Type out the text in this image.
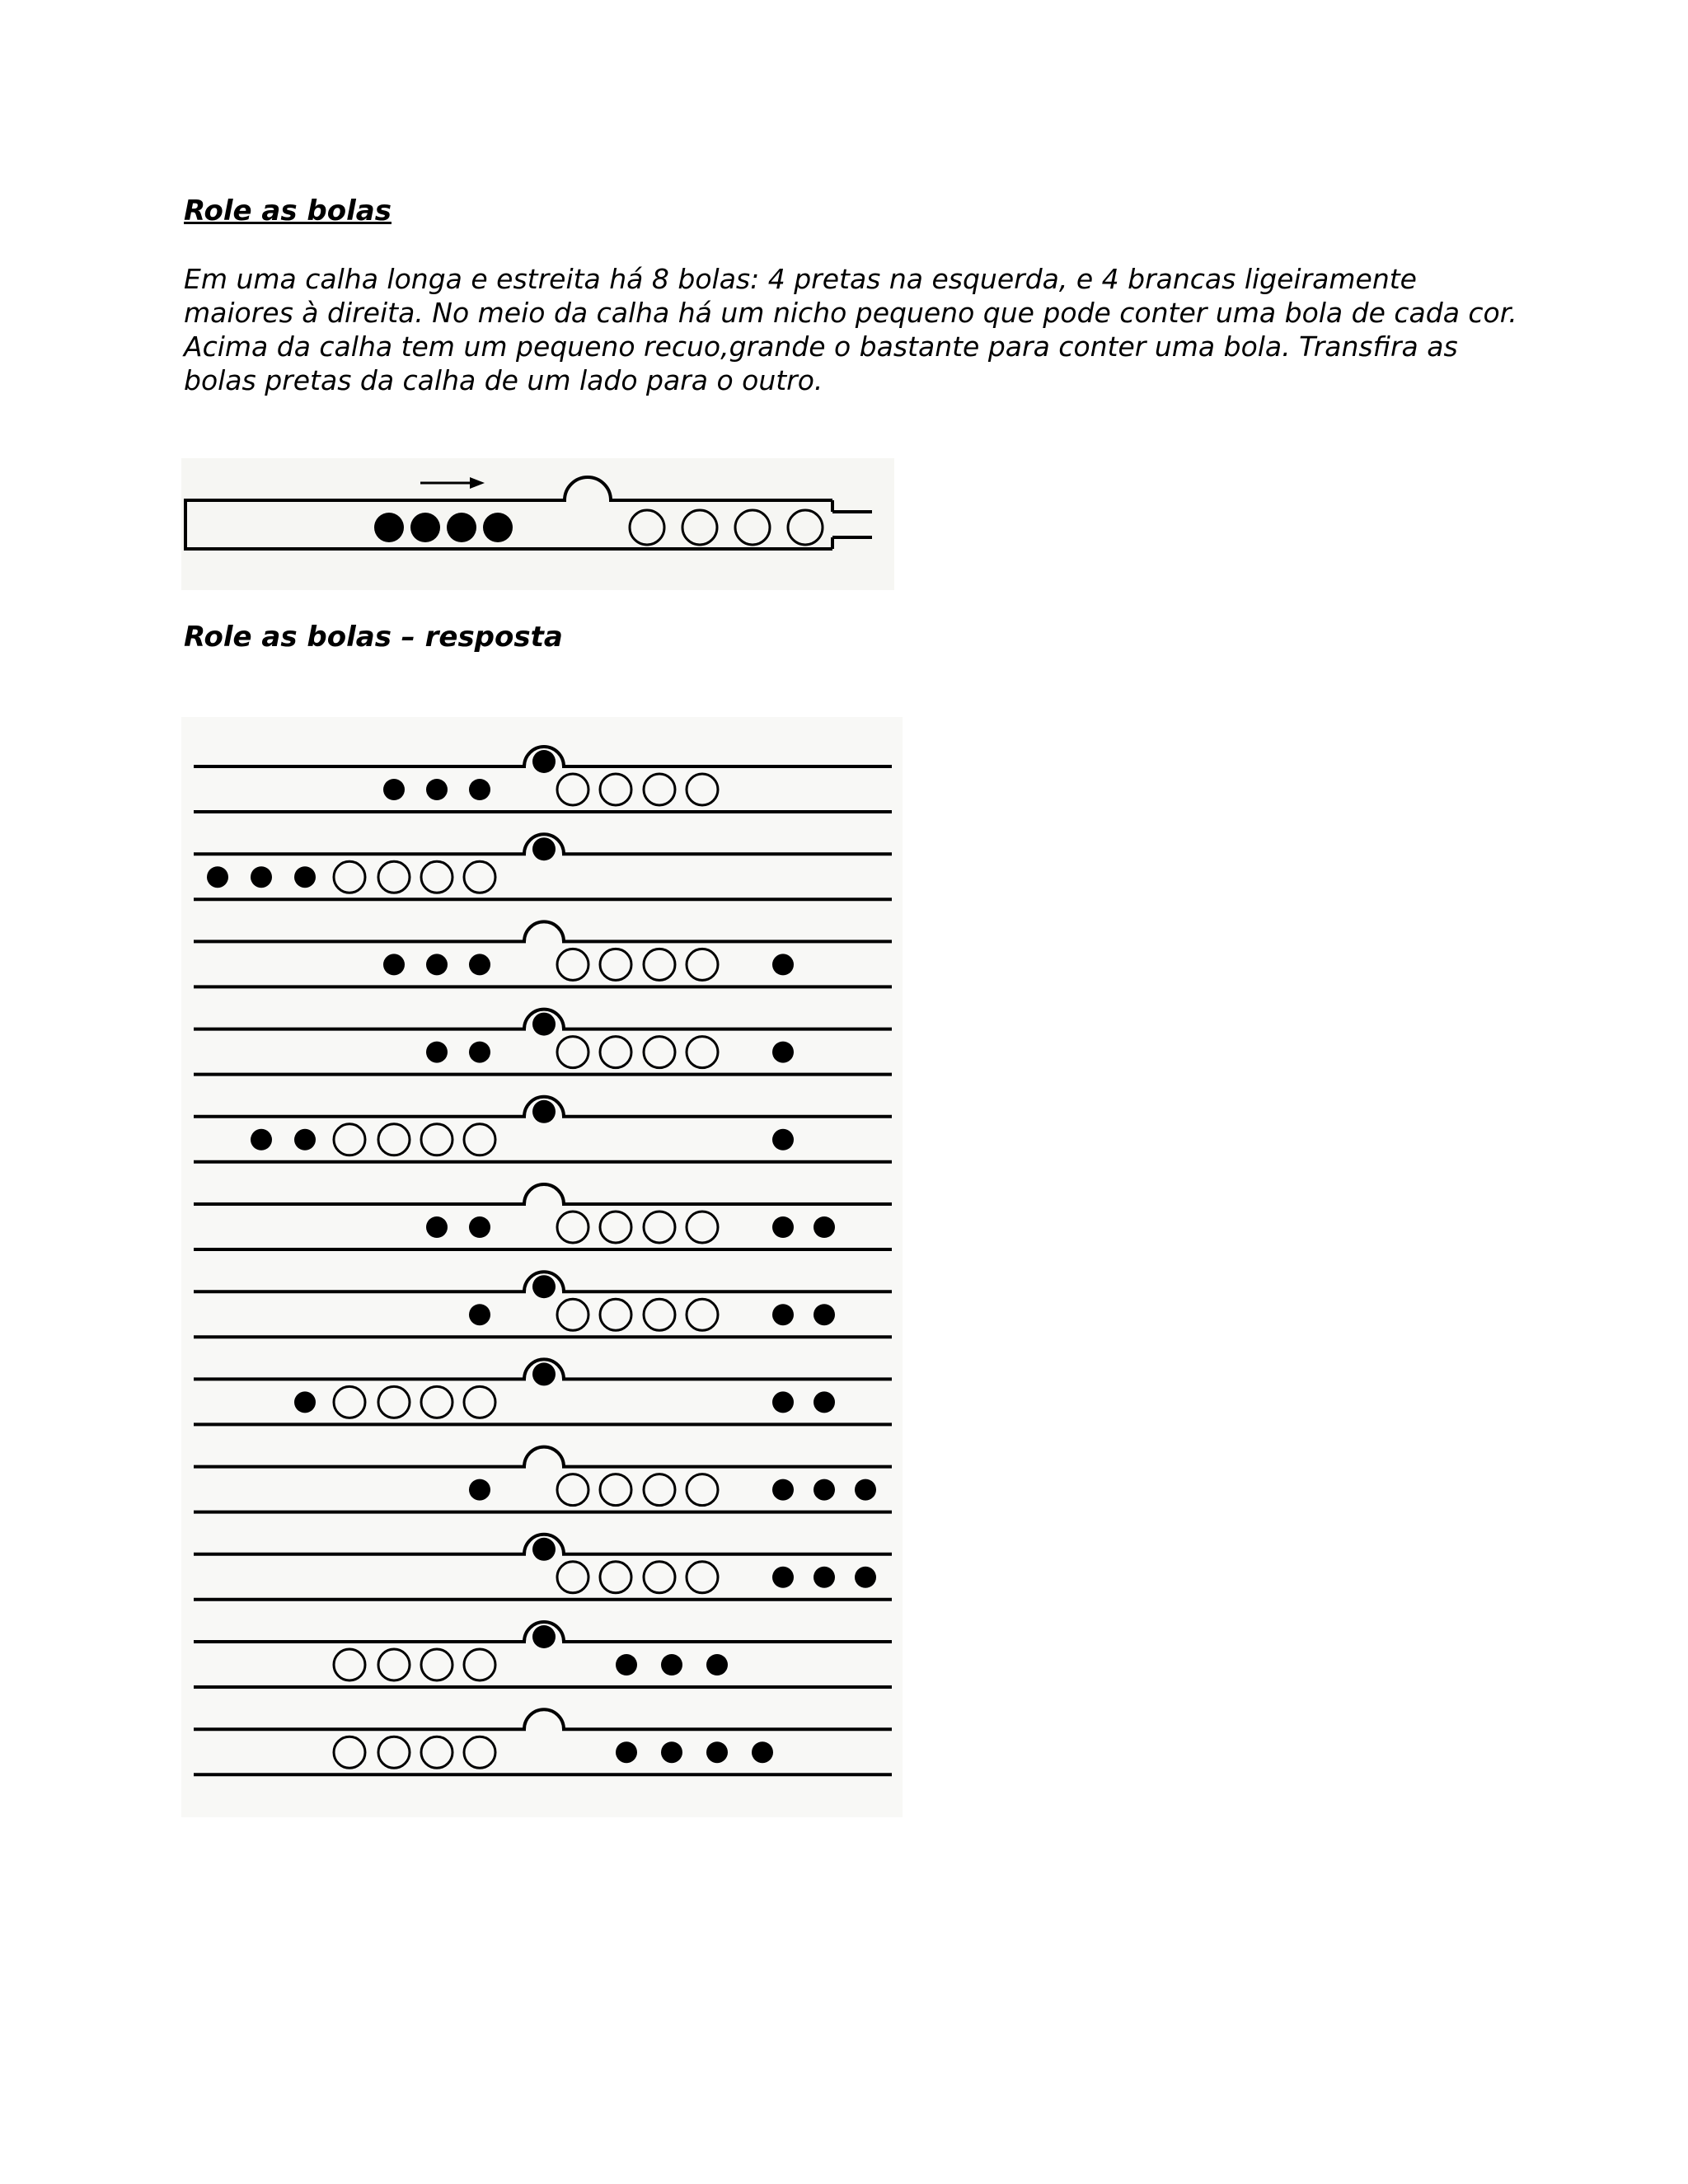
Role as bolas

Em uma calha longa e estreita há 8 bolas: 4 pretas na esquerda, e 4 brancas ligeiramente maiores à direita. No meio da calha há um nicho pequeno que pode conter uma bola de cada cor. Acima da calha tem um pequeno recuo,grande o bastante para conter uma bola. Transfira as bolas pretas da calha de um lado para o outro.

Role as bolas – resposta
